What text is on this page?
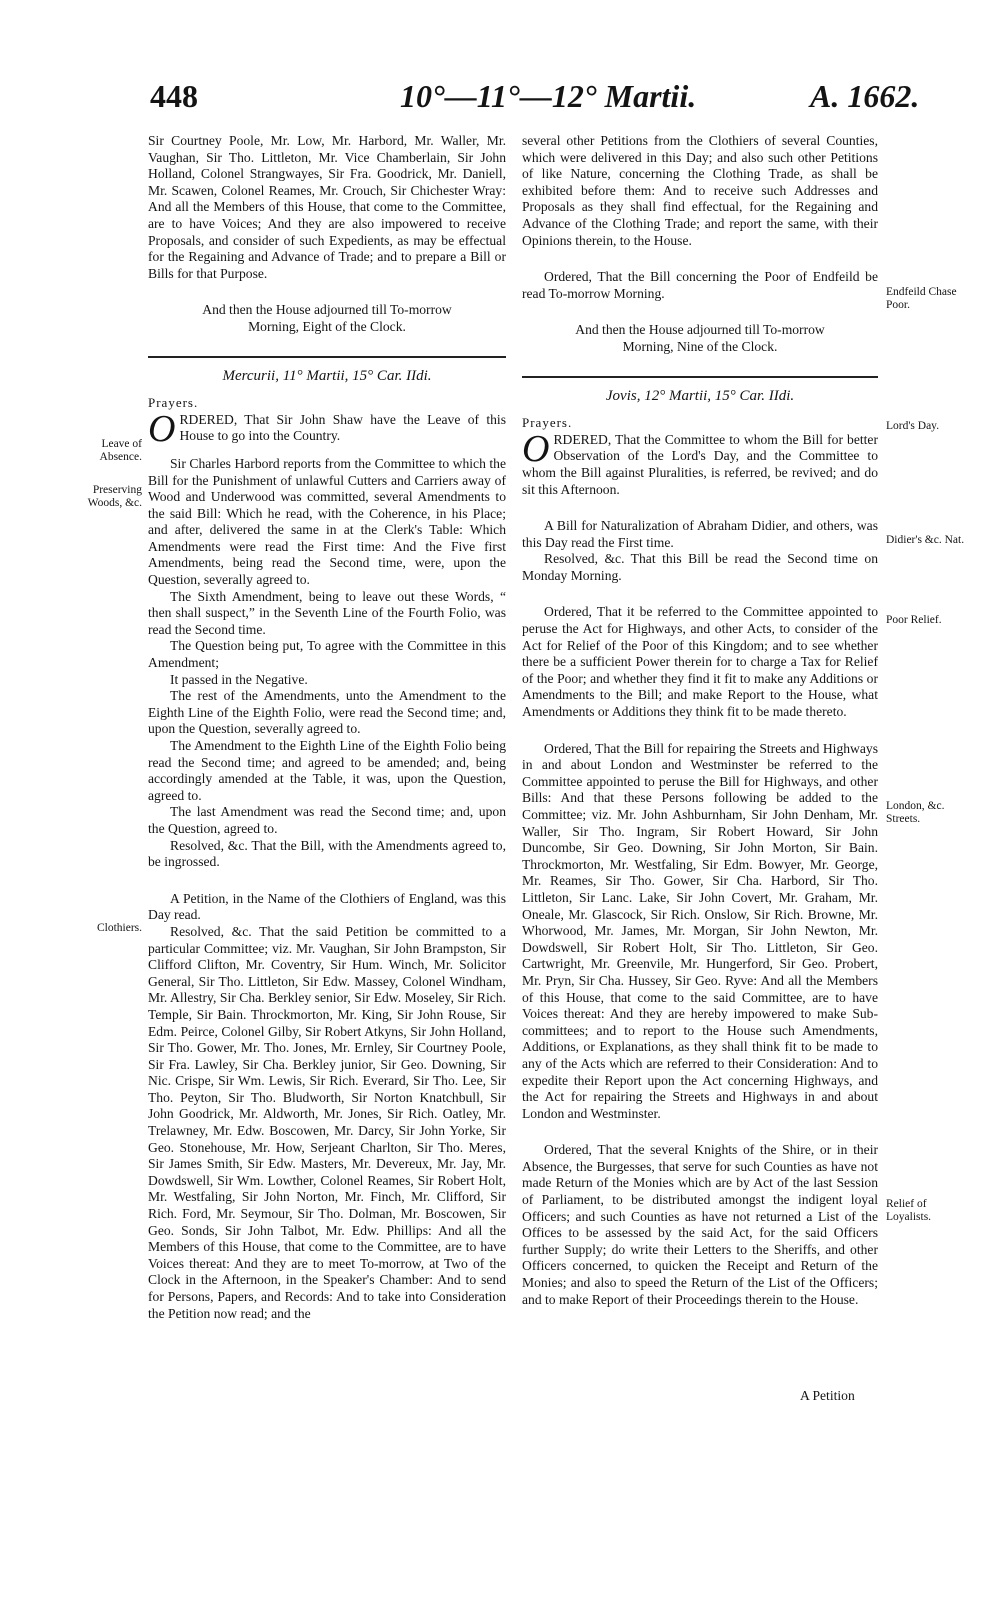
448	10°—11°—12° Martii.	A. 1662.
Leave of Absence.
Preserving Woods, &c.
Clothiers.
Endfeild Chase Poor.
Lord's Day.
Didier's &c. Nat.
Poor Relief.
London, &c. Streets.
Relief of Loyalists.

Sir Courtney Poole, Mr. Low, Mr. Harbord, Mr. Waller, Mr. Vaughan, Sir Tho. Littleton, Mr. Vice Chamberlain, Sir John Holland, Colonel Strangwayes, Sir Fra. Goodrick, Mr. Daniell, Mr. Scawen, Colonel Reames, Mr. Crouch, Sir Chichester Wray: And all the Members of this House, that come to the Committee, are to have Voices; And they are also impowered to receive Proposals, and consider of such Expedients, as may be effectual for the Regaining and Advance of Trade; and to prepare a Bill or Bills for that Purpose.

And then the House adjourned till To-morrow Morning, Eight of the Clock.

Mercurii, 11° Martii, 15° Car. IIdi.

Prayers.

ORDERED, That Sir John Shaw have the Leave of this House to go into the Country.

Sir Charles Harbord reports from the Committee to which the Bill for the Punishment of unlawful Cutters and Carriers away of Wood and Underwood was committed, several Amendments to the said Bill: Which he read, with the Coherence, in his Place; and after, delivered the same in at the Clerk's Table: Which Amendments were read the First time: And the Five first Amendments, being read the Second time, were, upon the Question, severally agreed to.

The Sixth Amendment, being to leave out these Words, “ then shall suspect,” in the Seventh Line of the Fourth Folio, was read the Second time.

The Question being put, To agree with the Committee in this Amendment;

It passed in the Negative.

The rest of the Amendments, unto the Amendment to the Eighth Line of the Eighth Folio, were read the Second time; and, upon the Question, severally agreed to.

The Amendment to the Eighth Line of the Eighth Folio being read the Second time; and agreed to be amended; and, being accordingly amended at the Table, it was, upon the Question, agreed to.

The last Amendment was read the Second time; and, upon the Question, agreed to.

Resolved, &c. That the Bill, with the Amendments agreed to, be ingrossed.

A Petition, in the Name of the Clothiers of England, was this Day read.

Resolved, &c. That the said Petition be committed to a particular Committee; viz. Mr. Vaughan, Sir John Brampston, Sir Clifford Clifton, Mr. Coventry, Sir Hum. Winch, Mr. Solicitor General, Sir Tho. Littleton, Sir Edw. Massey, Colonel Windham, Mr. Allestry, Sir Cha. Berkley senior, Sir Edw. Moseley, Sir Rich. Temple, Sir Bain. Throckmorton, Mr. King, Sir John Rouse, Sir Edm. Peirce, Colonel Gilby, Sir Robert Atkyns, Sir John Holland, Sir Tho. Gower, Mr. Tho. Jones, Mr. Ernley, Sir Courtney Poole, Sir Fra. Lawley, Sir Cha. Berkley junior, Sir Geo. Downing, Sir Nic. Crispe, Sir Wm. Lewis, Sir Rich. Everard, Sir Tho. Lee, Sir Tho. Peyton, Sir Tho. Bludworth, Sir Norton Knatchbull, Sir John Goodrick, Mr. Aldworth, Mr. Jones, Sir Rich. Oatley, Mr. Trelawney, Mr. Edw. Boscowen, Mr. Darcy, Sir John Yorke, Sir Geo. Stonehouse, Mr. How, Serjeant Charlton, Sir Tho. Meres, Sir James Smith, Sir Edw. Masters, Mr. Devereux, Mr. Jay, Mr. Dowdswell, Sir Wm. Lowther, Colonel Reames, Sir Robert Holt, Mr. Westfaling, Sir John Norton, Mr. Finch, Mr. Clifford, Sir Rich. Ford, Mr. Seymour, Sir Tho. Dolman, Mr. Boscowen, Sir Geo. Sonds, Sir John Talbot, Mr. Edw. Phillips: And all the Members of this House, that come to the Committee, are to have Voices thereat: And they are to meet To-morrow, at Two of the Clock in the Afternoon, in the Speaker's Chamber: And to send for Persons, Papers, and Records: And to take into Consideration the Petition now read; and the

several other Petitions from the Clothiers of several Counties, which were delivered in this Day; and also such other Petitions of like Nature, concerning the Clothing Trade, as shall be exhibited before them: And to receive such Addresses and Proposals as they shall find effectual, for the Regaining and Advance of the Clothing Trade; and report the same, with their Opinions therein, to the House.

Ordered, That the Bill concerning the Poor of Endfeild be read To-morrow Morning.

And then the House adjourned till To-morrow Morning, Nine of the Clock.

Jovis, 12° Martii, 15° Car. IIdi.

Prayers.

ORDERED, That the Committee to whom the Bill for better Observation of the Lord's Day, and the Committee to whom the Bill against Pluralities, is referred, be revived; and do sit this Afternoon.

A Bill for Naturalization of Abraham Didier, and others, was this Day read the First time.

Resolved, &c. That this Bill be read the Second time on Monday Morning.

Ordered, That it be referred to the Committee appointed to peruse the Act for Highways, and other Acts, to consider of the Act for Relief of the Poor of this Kingdom; and to see whether there be a sufficient Power therein for to charge a Tax for Relief of the Poor; and whether they find it fit to make any Additions or Amendments to the Bill; and make Report to the House, what Amendments or Additions they think fit to be made thereto.

Ordered, That the Bill for repairing the Streets and Highways in and about London and Westminster be referred to the Committee appointed to peruse the Bill for Highways, and other Bills: And that these Persons following be added to the Committee; viz. Mr. John Ashburnham, Sir John Denham, Mr. Waller, Sir Tho. Ingram, Sir Robert Howard, Sir John Duncombe, Sir Geo. Downing, Sir John Morton, Sir Bain. Throckmorton, Mr. Westfaling, Sir Edm. Bowyer, Mr. George, Mr. Reames, Sir Tho. Gower, Sir Cha. Harbord, Sir Tho. Littleton, Sir Lanc. Lake, Sir John Covert, Mr. Graham, Mr. Oneale, Mr. Glascock, Sir Rich. Onslow, Sir Rich. Browne, Mr. Whorwood, Mr. James, Mr. Morgan, Sir John Newton, Mr. Dowdswell, Sir Robert Holt, Sir Tho. Littleton, Sir Geo. Cartwright, Mr. Greenvile, Mr. Hungerford, Sir Geo. Probert, Mr. Pryn, Sir Cha. Hussey, Sir Geo. Ryve: And all the Members of this House, that come to the said Committee, are to have Voices thereat: And they are hereby impowered to make Sub-committees; and to report to the House such Amendments, Additions, or Explanations, as they shall think fit to be made to any of the Acts which are referred to their Consideration: And to expedite their Report upon the Act concerning Highways, and the Act for repairing the Streets and Highways in and about London and Westminster.

Ordered, That the several Knights of the Shire, or in their Absence, the Burgesses, that serve for such Counties as have not made Return of the Monies which are by Act of the last Session of Parliament, to be distributed amongst the indigent loyal Officers; and such Counties as have not returned a List of the Offices to be assessed by the said Act, for the said Officers further Supply; do write their Letters to the Sheriffs, and other Officers concerned, to quicken the Receipt and Return of the Monies; and also to speed the Return of the List of the Officers; and to make Report of their Proceedings therein to the House.

A Petition
